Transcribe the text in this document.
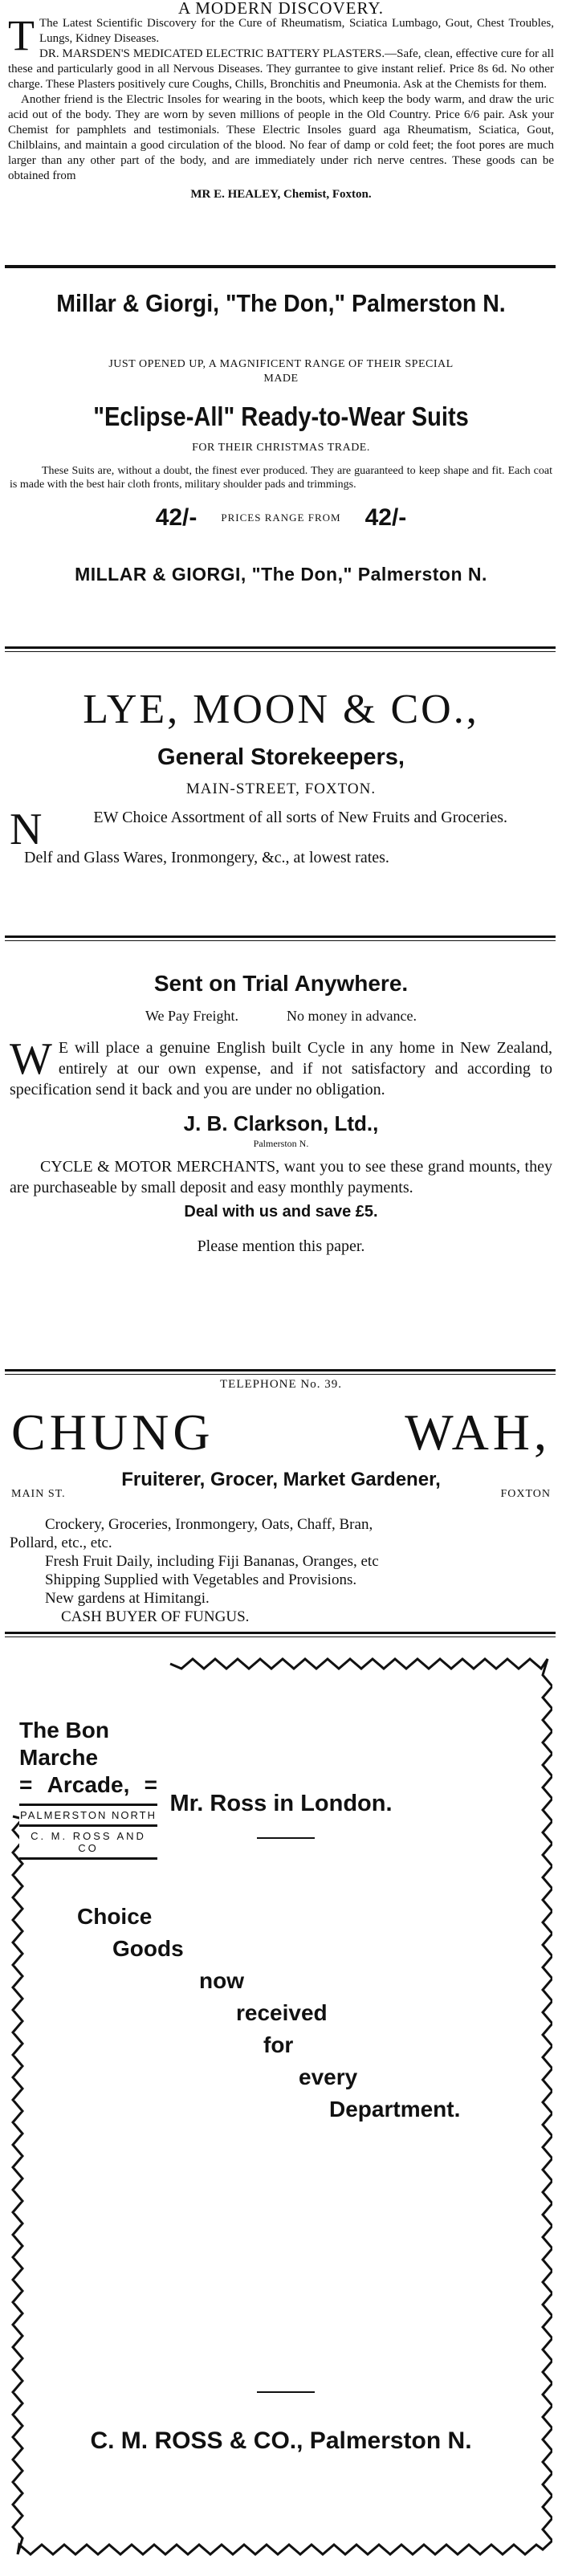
A MODERN DISCOVERY.

T The Latest Scientific Discovery for the Cure of Rheumatism, Sciatica Lumbago, Gout, Chest Troubles, Lungs, Kidney Diseases.

DR. MARSDEN'S MEDICATED ELECTRIC BATTERY PLASTERS.—Safe, clean, effective cure for all these and particularly good in all Nervous Diseases. They gurrantee to give instant relief. Price 8s 6d. No other charge. These Plasters positively cure Coughs, Chills, Bronchitis and Pneumonia. Ask at the Chemists for them.

Another friend is the Electric Insoles for wearing in the boots, which keep the body warm, and draw the uric acid out of the body. They are worn by seven millions of people in the Old Country. Price 6/6 pair. Ask your Chemist for pamphlets and testimonials. These Electric Insoles guard aga Rheumatism, Sciatica, Gout, Chilblains, and maintain a good circulation of the blood. No fear of damp or cold feet; the foot pores are much larger than any other part of the body, and are immediately under rich nerve centres. These goods can be obtained from

MR E. HEALEY, Chemist, Foxton.
Millar & Giorgi, "The Don," Palmerston N.
JUST OPENED UP, A MAGNIFICENT RANGE OF THEIR SPECIAL
MADE
"Eclipse-All" Ready-to-Wear Suits
FOR THEIR CHRISTMAS TRADE.
These Suits are, without a doubt, the finest ever produced. They are guaranteed to keep shape and fit. Each coat is made with the best hair cloth fronts, military shoulder pads and trimmings.
42/- PRICES RANGE FROM 42/-
MILLAR & GIORGI, "The Don," Palmerston N.
LYE, MOON & CO.,
General Storekeepers,
MAIN-STREET, FOXTON.

N	EW Choice Assortment of all sorts of New Fruits and Groceries.

Delf and Glass Wares, Ironmongery, &c., at lowest rates.

Sent on Trial Anywhere.
We Pay Freight.	No money in advance.

W E will place a genuine English built Cycle in any home in New Zealand, entirely at our own expense, and if not satisfactory and according to specification send it back and you are under no obligation.

J. B. Clarkson, Ltd.,
Palmerston N.

CYCLE & MOTOR MERCHANTS, want you to see these grand mounts, they are purchaseable by small deposit and easy monthly payments.

Deal with us and save £5.
Please mention this paper.
TELEPHONE No. 39.
CHUNG	WAH,
Fruiterer, Grocer, Market Gardener,
MAIN ST.	FOXTON

Crockery, Groceries, Ironmongery, Oats, Chaff, Bran,

Pollard, etc., etc.

Fresh Fruit Daily, including Fiji Bananas, Oranges, etc

Shipping Supplied with Vegetables and Provisions.

New gardens at Himitangi.

CASH BUYER OF FUNGUS.

The Bon Marche
= Arcade, =
PALMERSTON NORTH
C. M. ROSS AND CO
Mr. Ross in London.
Choice
Goods
now
received
for
every
Department.
C. M. ROSS & CO., Palmerston N.
